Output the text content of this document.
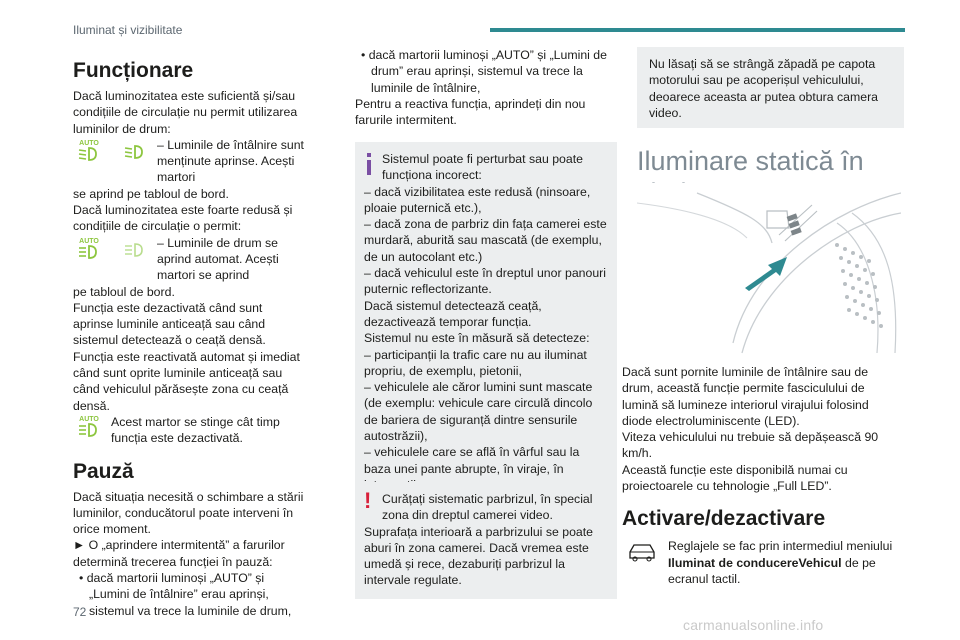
Iluminat și vizibilitate
Funcționare

Dacă luminozitatea este suficientă și/sau condițiile de circulație nu permit utilizarea luminilor de drum:

AUTO	– Luminile de întâlnire sunt menținute aprinse. Acești martori

se aprind pe tabloul de bord.

Dacă luminozitatea este foarte redusă și condițiile de circulație o permit:

AUTO	– Luminile de drum se aprind automat. Acești martori se aprind

pe tabloul de bord.

Funcția este dezactivată când sunt aprinse luminile anticeață sau când sistemul detectează o ceață densă.

Funcția este reactivată automat și imediat când sunt oprite luminile anticeață sau când vehiculul părăsește zona cu ceață densă.

AUTO Acest martor se stinge cât timp funcția este dezactivată.
Pauză

Dacă situația necesită o schimbare a stării luminilor, conducătorul poate interveni în orice moment.

► O „aprindere intermitentă” a farurilor determină trecerea funcției în pauză:

• dacă martorii luminoși „AUTO” și „Lumini de întâlnire” erau aprinși, sistemul va trece la luminile de drum,

• dacă martorii luminoși „AUTO” și „Lumini de drum” erau aprinși, sistemul va trece la luminile de întâlnire,

Pentru a reactiva funcția, aprindeți din nou farurile intermitent.

Sistemul poate fi perturbat sau poate funcționa incorect:

– dacă vizibilitatea este redusă (ninsoare, ploaie puternică etc.),

– dacă zona de parbriz din fața camerei este murdară, aburită sau mascată (de exemplu, de un autocolant etc.)

– dacă vehiculul este în dreptul unor panouri puternic reflectorizante.

Dacă sistemul detectează ceață, dezactivează temporar funcția.

Sistemul nu este în măsură să detecteze:

– participanții la trafic care nu au iluminat propriu, de exemplu, pietonii,

– vehiculele ale căror lumini sunt mascate (de exemplu: vehicule care circulă dincolo de bariera de siguranță dintre sensurile autostrăzii),

– vehiculele care se află în vârful sau la baza unei pante abrupte, în viraje, în

! Curățați sistematic parbrizul, în special zona din dreptul camerei video.

Suprafața interioară a parbrizului se poate aburi în zona camerei. Dacă vremea este umedă și rece, dezaburiți parbrizul la intervale regulate.

Nu lăsați să se strângă zăpadă pe capota motorului sau pe acoperișul vehiculului, deoarece aceasta ar putea obtura camera video.

Iluminare statică în

Dacă sunt pornite luminile de întâlnire sau de drum, această funcție permite fasciculului de lumină să lumineze interiorul virajului folosind diode electroluminiscente (LED).

Viteza vehiculului nu trebuie să depășească 90 km/h.

Această funcție este disponibilă numai cu proiectoarele cu tehnologie „Full LED”.

Activare/dezactivare
Reglajele se fac prin intermediul meniului Iluminat de conducereVehicul de pe ecranul tactil.
72
carmanualsonline.info
